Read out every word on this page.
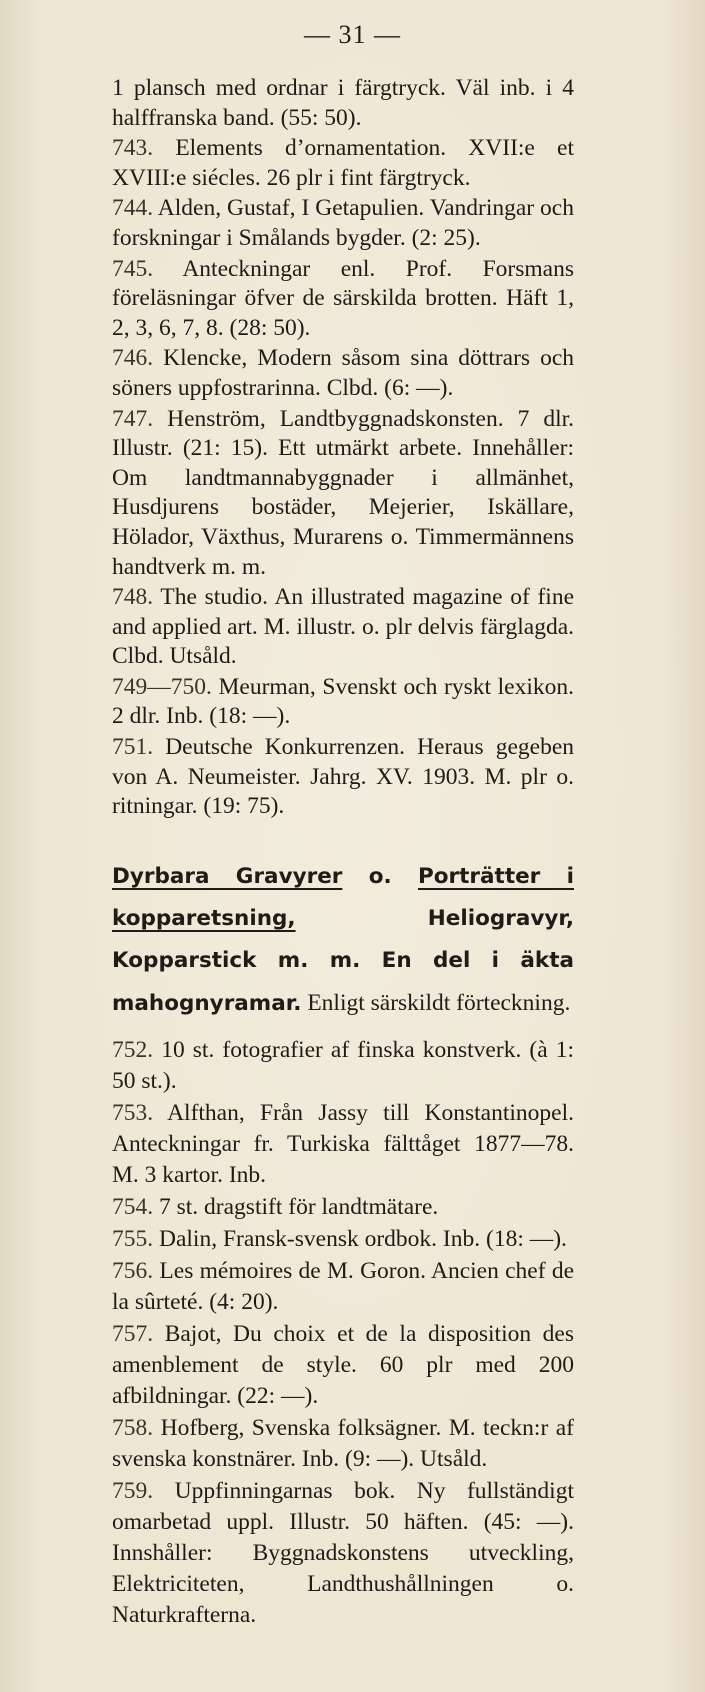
— 31 —

1 plansch med ordnar i färgtryck. Väl inb. i 4 halffranska band. (55: 50).

743. Elements d’ornamentation. XVII:e et XVIII:e siécles. 26 plr i fint färgtryck.

744. Alden, Gustaf, I Getapulien. Vandringar och forskningar i Smålands bygder. (2: 25).

745. Anteckningar enl. Prof. Forsmans föreläsningar öfver de särskilda brotten. Häft 1, 2, 3, 6, 7, 8. (28: 50).

746. Klencke, Modern såsom sina döttrars och söners uppfostrarinna. Clbd. (6: —).

747. Henström, Landtbyggnadskonsten. 7 dlr. Illustr. (21: 15). Ett utmärkt arbete. Innehåller: Om landtmannabyggnader i allmänhet, Husdjurens bostäder, Mejerier, Iskällare, Hölador, Växthus, Murarens o. Timmermännens handtverk m. m.

748. The studio. An illustrated magazine of fine and applied art. M. illustr. o. plr delvis färglagda. Clbd. Utsåld.

749—750. Meurman, Svenskt och ryskt lexikon. 2 dlr. Inb. (18: —).

751. Deutsche Konkurrenzen. Heraus gegeben von A. Neumeister. Jahrg. XV. 1903. M. plr o. ritningar. (19: 75).

Dyrbara Gravyrer o. Porträtter i kopparetsning, Heliogravyr, Kopparstick m. m. En del i äkta mahognyramar. Enligt särskildt förteckning.

752. 10 st. fotografier af finska konstverk. (à 1: 50 st.).

753. Alfthan, Från Jassy till Konstantinopel. Anteckningar fr. Turkiska fälttåget 1877—78. M. 3 kartor. Inb.

754. 7 st. dragstift för landtmätare.

755. Dalin, Fransk-svensk ordbok. Inb. (18: —).

756. Les mémoires de M. Goron. Ancien chef de la sûrteté. (4: 20).

757. Bajot, Du choix et de la disposition des amenblement de style. 60 plr med 200 afbildningar. (22: —).

758. Hofberg, Svenska folksägner. M. teckn:r af svenska konstnärer. Inb. (9: —). Utsåld.

759. Uppfinningarnas bok. Ny fullständigt omarbetad uppl. Illustr. 50 häften. (45: —). Innshåller: Byggnadskonstens utveckling, Elektriciteten, Landthushållningen o. Naturkrafterna.
